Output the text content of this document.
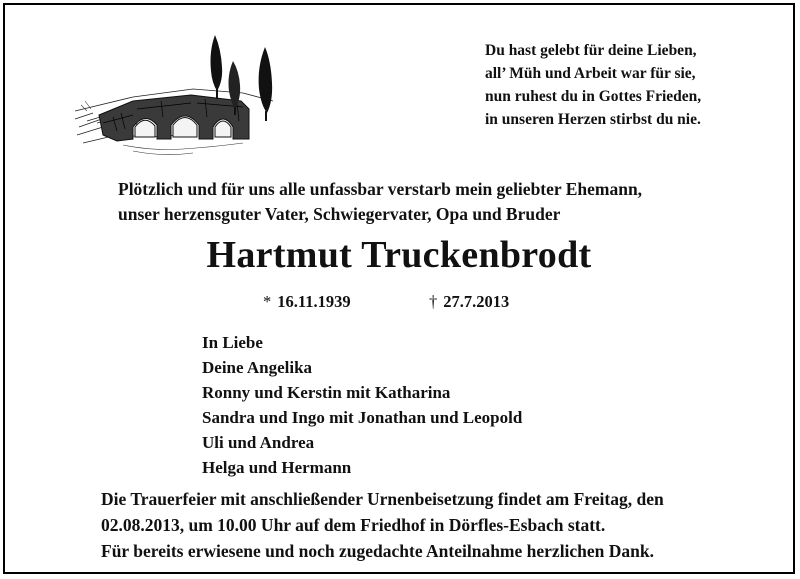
Du hast gelebt für deine Lieben,
all’ Müh und Arbeit war für sie,
nun ruhest du in Gottes Frieden,
in unseren Herzen stirbst du nie.
Plötzlich und für uns alle unfassbar verstarb mein geliebter Ehemann,
unser herzensguter Vater, Schwiegervater, Opa und Bruder
Hartmut Truckenbrodt
* 16.11.1939	† 27.7.2013
In Liebe
Deine Angelika
Ronny und Kerstin mit Katharina
Sandra und Ingo mit Jonathan und Leopold
Uli und Andrea
Helga und Hermann
Die Trauerfeier mit anschließender Urnenbeisetzung findet am Freitag, den
02.08.2013, um 10.00 Uhr auf dem Friedhof in Dörfles-Esbach statt.
Für bereits erwiesene und noch zugedachte Anteilnahme herzlichen Dank.
